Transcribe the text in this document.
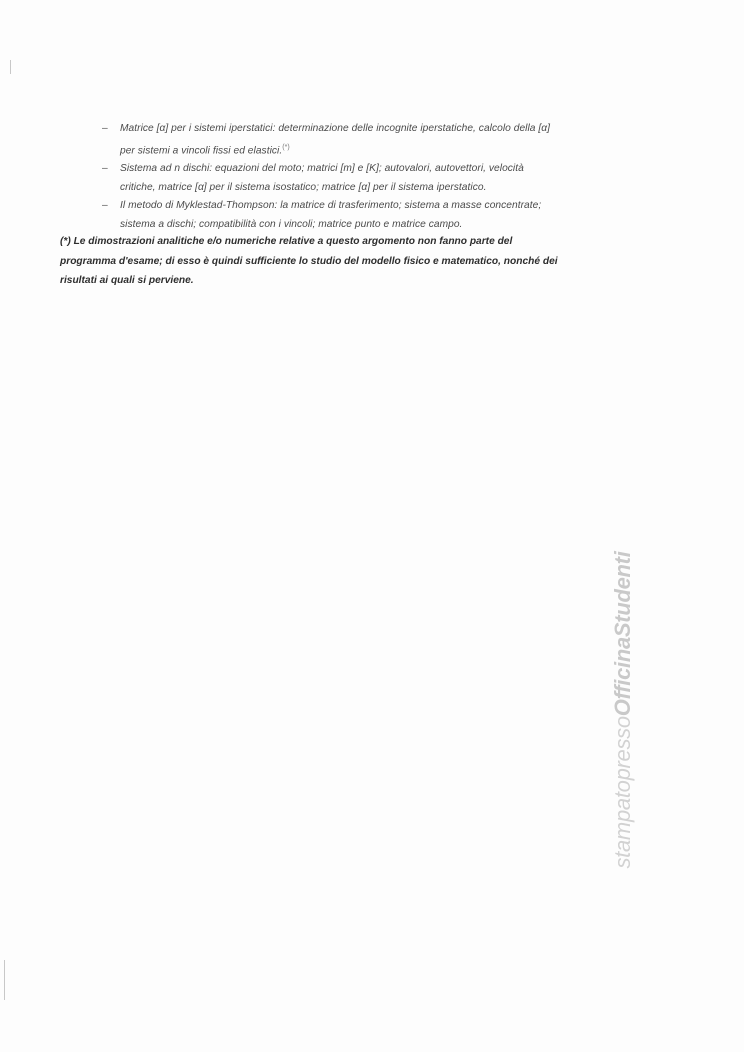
– Matrice [α] per i sistemi iperstatici: determinazione delle incognite iperstatiche, calcolo della [α]
per sistemi a vincoli fissi ed elastici.(*)
– Sistema ad n dischi: equazioni del moto; matrici [m] e [K]; autovalori, autovettori, velocità
critiche, matrice [α] per il sistema isostatico; matrice [α] per il sistema iperstatico.
– Il metodo di Myklestad-Thompson: la matrice di trasferimento; sistema a masse concentrate;
sistema a dischi; compatibilità con i vincoli; matrice punto e matrice campo.
(*) Le dimostrazioni analitiche e/o numeriche relative a questo argomento non fanno parte del
programma d'esame; di esso è quindi sufficiente lo studio del modello fisico e matematico, nonché dei
risultati ai quali si perviene.
stampatopressoOfficinaStudenti
